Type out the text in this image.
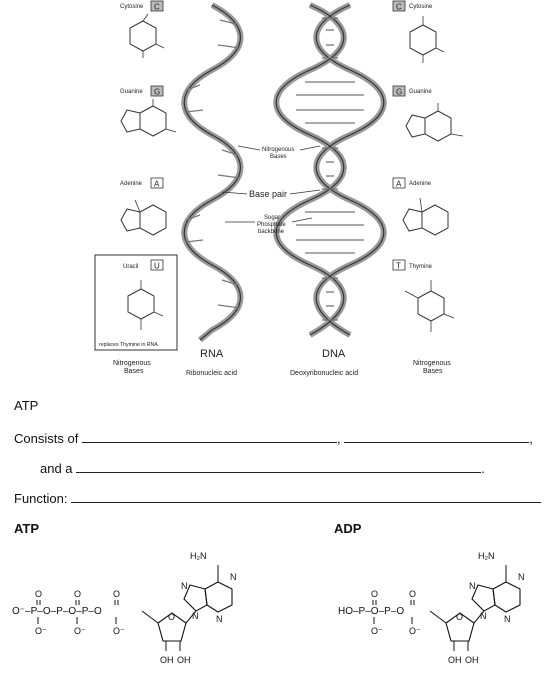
Cytosine C
Guanine G
Adenine A
Uracil U
replaces Thymine in RNA
Nitrogenous
Bases
Nitrogenous
Bases
Base pair
Sugar
Phosphate
backbone
RNA
Ribonucleic acid
DNA
Deoxyribonucleic acid
C Cytosine
G Guanine
A Adenine
T Thymine
Nitrogenous
Bases
ATP
Consists of	,	,
and a	.
Function:
ATP	ADP
O⁻–P–O–P–O–P–O
O	O	O
O⁻	O⁻	O⁻
O
OH OH
H₂N
N
N
N
N	HO–P–O–P–O
O	O
O⁻	O⁻
O
OH OH
H₂N
N
N
N
N
